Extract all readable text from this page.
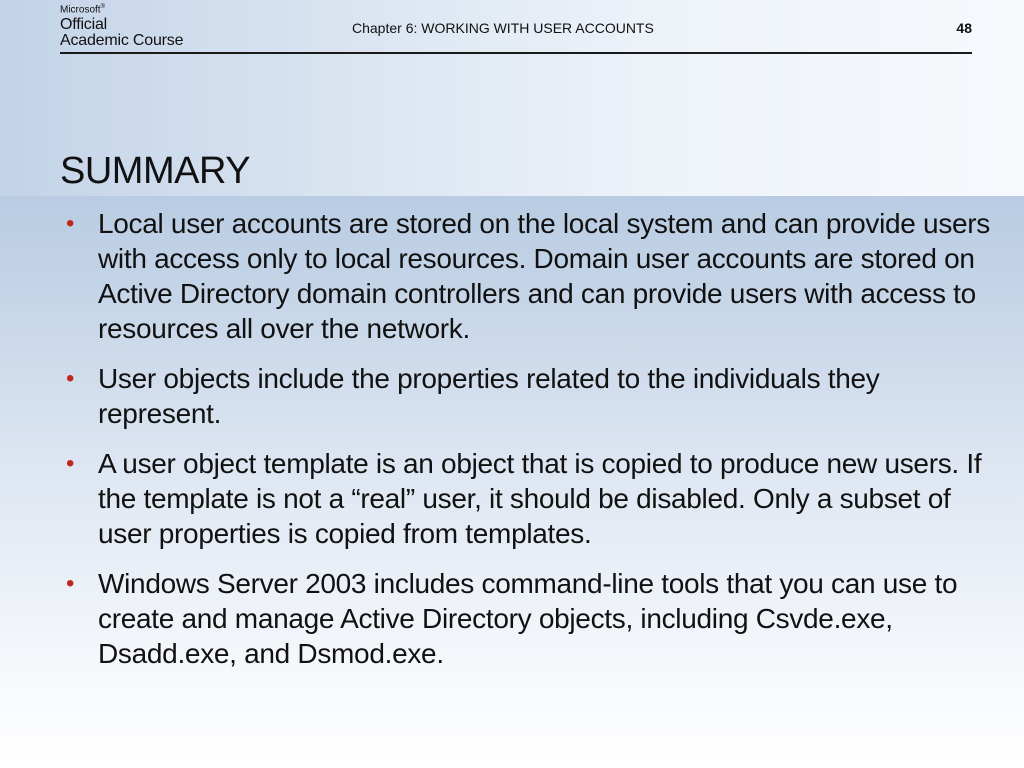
Microsoft®
Official
Academic Course
Chapter 6: WORKING WITH USER ACCOUNTS	48
SUMMARY
• Local user accounts are stored on the local system and can provide users with access only to local resources. Domain user accounts are stored on Active Directory domain controllers and can provide users with access to resources all over the network.
• User objects include the properties related to the individuals they represent.
• A user object template is an object that is copied to produce new users. If the template is not a “real” user, it should be disabled. Only a subset of user properties is copied from templates.
• Windows Server 2003 includes command-line tools that you can use to create and manage Active Directory objects, including Csvde.exe, Dsadd.exe, and Dsmod.exe.
